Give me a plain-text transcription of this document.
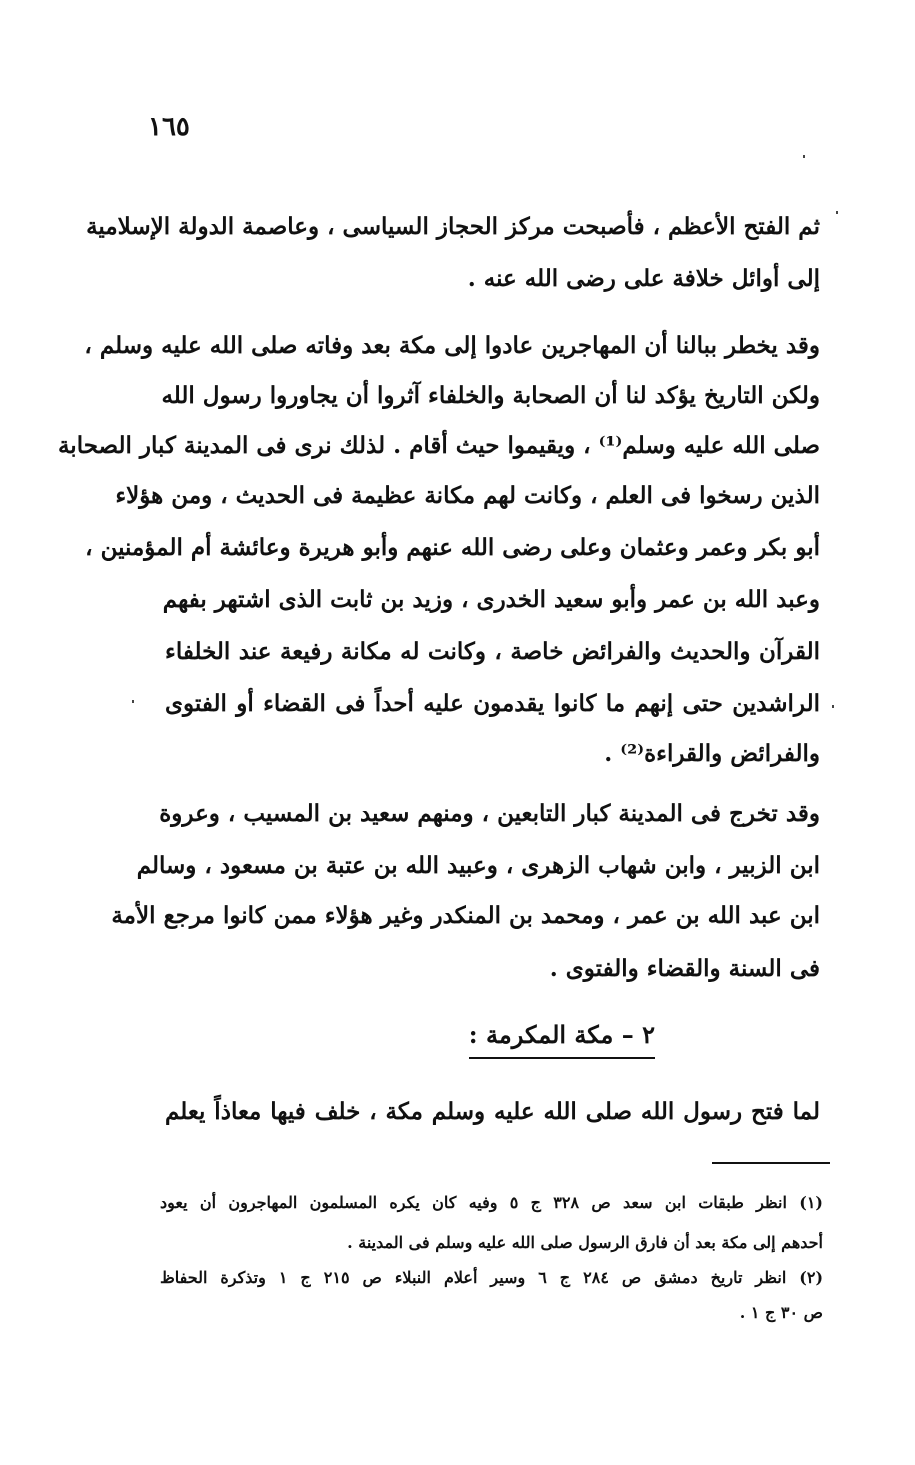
١٦٥
ثم الفتح الأعظم ، فأصبحت مركز الحجاز السياسى ، وعاصمة الدولة الإسلامية
إلى أوائل خلافة على رضى الله عنه .
وقد يخطر ببالنا أن المهاجرين عادوا إلى مكة بعد وفاته صلى الله عليه وسلم ،
ولكن التاريخ يؤكد لنا أن الصحابة والخلفاء آثروا أن يجاوروا رسول الله
صلى الله عليه وسلم⁽¹⁾ ، ويقيموا حيث أقام . لذلك نرى فى المدينة كبار الصحابة
الذين رسخوا فى العلم ، وكانت لهم مكانة عظيمة فى الحديث ، ومن هؤلاء
أبو بكر وعمر وعثمان وعلى رضى الله عنهم وأبو هريرة وعائشة أم المؤمنين ،
وعبد الله بن عمر وأبو سعيد الخدرى ، وزيد بن ثابت الذى اشتهر بفهم
القرآن والحديث والفرائض خاصة ، وكانت له مكانة رفيعة عند الخلفاء
الراشدين حتى إنهم ما كانوا يقدمون عليه أحداً فى القضاء أو الفتوى
والفرائض والقراءة⁽²⁾ .
وقد تخرج فى المدينة كبار التابعين ، ومنهم سعيد بن المسيب ، وعروة
ابن الزبير ، وابن شهاب الزهرى ، وعبيد الله بن عتبة بن مسعود ، وسالم
ابن عبد الله بن عمر ، ومحمد بن المنكدر وغير هؤلاء ممن كانوا مرجع الأمة
فى السنة والقضاء والفتوى .
٢ – مكة المكرمة :
لما فتح رسول الله صلى الله عليه وسلم مكة ، خلف فيها معاذاً يعلم
(١) انظر طبقات ابن سعد ص ٣٢٨ ج ٥ وفيه كان يكره المسلمون المهاجرون أن يعود
أحدهم إلى مكة بعد أن فارق الرسول صلى الله عليه وسلم فى المدينة .
(٢) انظر تاريخ دمشق ص ٢٨٤ ج ٦ وسير أعلام النبلاء ص ٢١٥ ج ١ وتذكرة الحفاظ
ص ٣٠ ج ١ .
